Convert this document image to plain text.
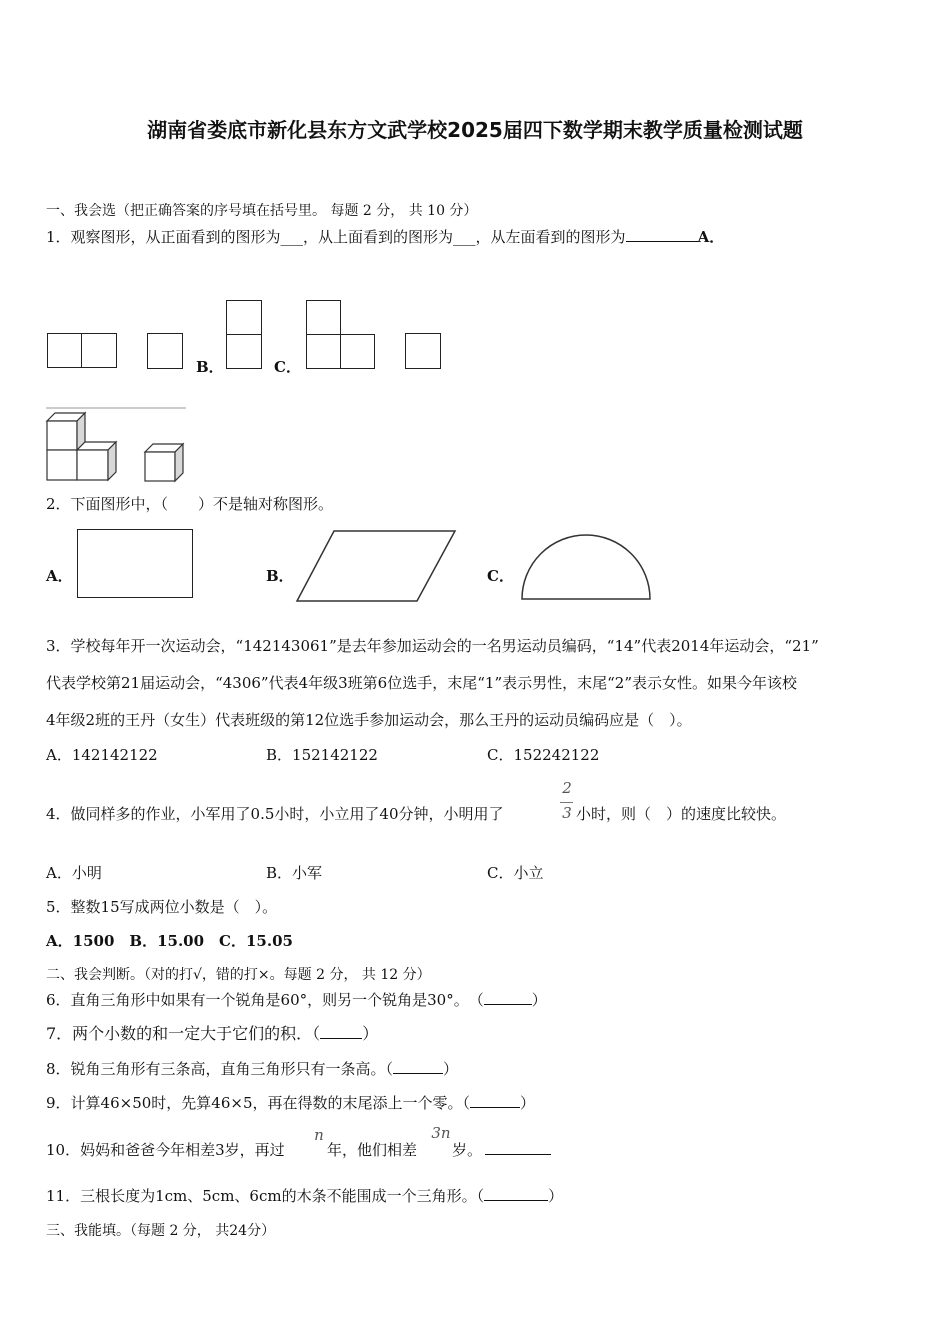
湖南省娄底市新化县东方文武学校2025届四下数学期末教学质量检测试题
一、我会选（把正确答案的序号填在括号里。 每题 2 分， 共 10 分）
1．观察图形，从正面看到的图形为___，从上面看到的图形为___，从左面看到的图形为	A．
B．	C．
2．下面图形中，（　　）不是轴对称图形。
A．	B．	C．
3．学校每年开一次运动会，“142143061”是去年参加运动会的一名男运动员编码，“14”代表2014年运动会，“21”
代表学校第21届运动会，“4306”代表4年级3班第6位选手，末尾“1”表示男性，末尾“2”表示女性。如果今年该校
4年级2班的王丹（女生）代表班级的第12位选手参加运动会，那么王丹的运动员编码应是（　）。
A．142142122	B．152142122	C．152242122
4．做同样多的作业，小军用了0.5小时，小立用了40分钟，小明用了
2
3 小时，则（　）的速度比较快。
A．小明	B．小军	C．小立
5．整数15写成两位小数是（　）。
A．1500　B．15.00　C．15.05
二、我会判断。（对的打√，错的打×。每题 2 分， 共 12 分）
6．直角三角形中如果有一个锐角是60°，则另一个锐角是30°。　（	）
7．两个小数的和一定大于它们的积．（	）
8．锐角三角形有三条高，直角三角形只有一条高。（	）
9．计算46×50时，先算46×5，再在得数的末尾添上一个零。（	）
10．妈妈和爸爸今年相差3岁，再过
n
年，他们相差
3n
岁。
11．三根长度为1cm、5cm、6cm的木条不能围成一个三角形。（	）
三、我能填。（每题 2 分， 共24分）
